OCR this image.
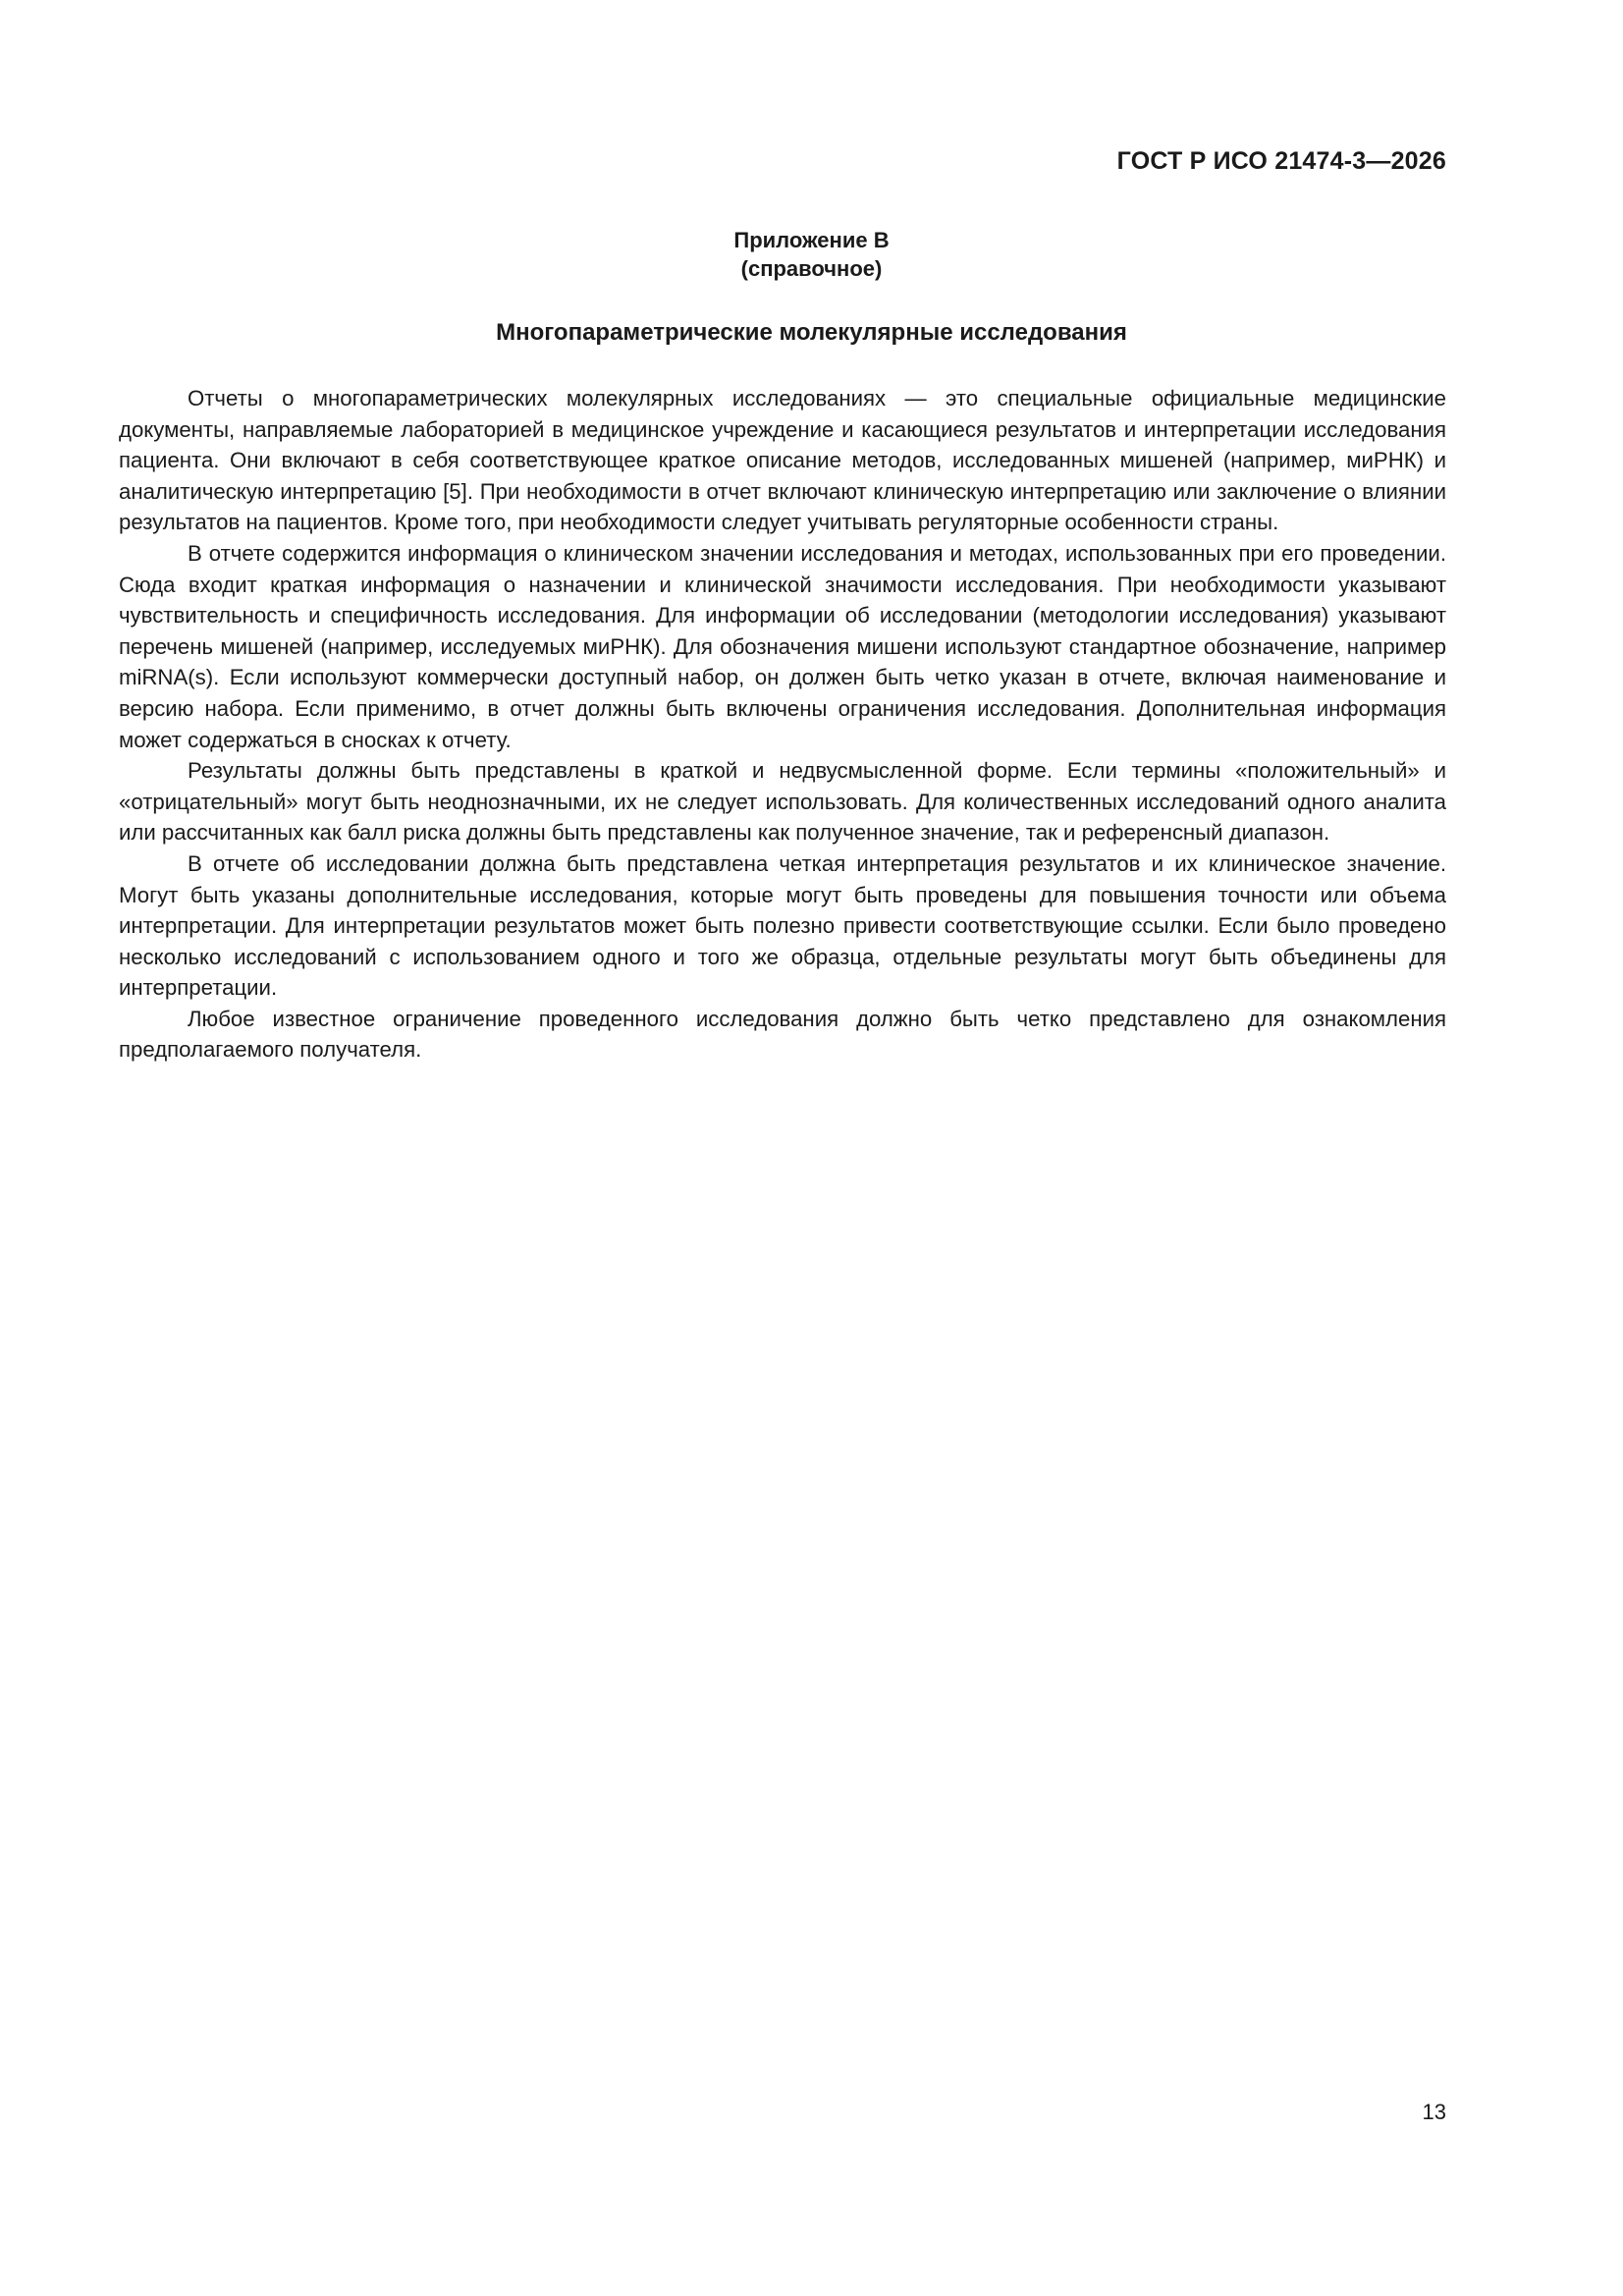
ГОСТ Р ИСО 21474-3—2026
Приложение В
(справочное)
Многопараметрические молекулярные исследования

Отчеты о многопараметрических молекулярных исследованиях — это специальные официальные медицинские документы, направляемые лабораторией в медицинское учреждение и касающиеся результатов и интерпретации исследования пациента. Они включают в себя соответствующее краткое описание методов, исследованных мишеней (например, миРНК) и аналитическую интерпретацию [5]. При необходимости в отчет включают клиническую интерпретацию или заключение о влиянии результатов на пациентов. Кроме того, при необходимости следует учитывать регуляторные особенности страны.

В отчете содержится информация о клиническом значении исследования и методах, использованных при его проведении. Сюда входит краткая информация о назначении и клинической значимости исследования. При необходимости указывают чувствительность и специфичность исследования. Для информации об исследовании (методологии исследования) указывают перечень мишеней (например, исследуемых миРНК). Для обозначения мишени используют стандартное обозначение, например miRNA(s). Если используют коммерчески доступный набор, он должен быть четко указан в отчете, включая наименование и версию набора. Если применимо, в отчет должны быть включены ограничения исследования. Дополнительная информация может содержаться в сносках к отчету.

Результаты должны быть представлены в краткой и недвусмысленной форме. Если термины «положительный» и «отрицательный» могут быть неоднозначными, их не следует использовать. Для количественных исследований одного аналита или рассчитанных как балл риска должны быть представлены как полученное значение, так и референсный диапазон.

В отчете об исследовании должна быть представлена четкая интерпретация результатов и их клиническое значение. Могут быть указаны дополнительные исследования, которые могут быть проведены для повышения точности или объема интерпретации. Для интерпретации результатов может быть полезно привести соответствующие ссылки. Если было проведено несколько исследований с использованием одного и того же образца, отдельные результаты могут быть объединены для интерпретации.

Любое известное ограничение проведенного исследования должно быть четко представлено для ознакомления предполагаемого получателя.

13
